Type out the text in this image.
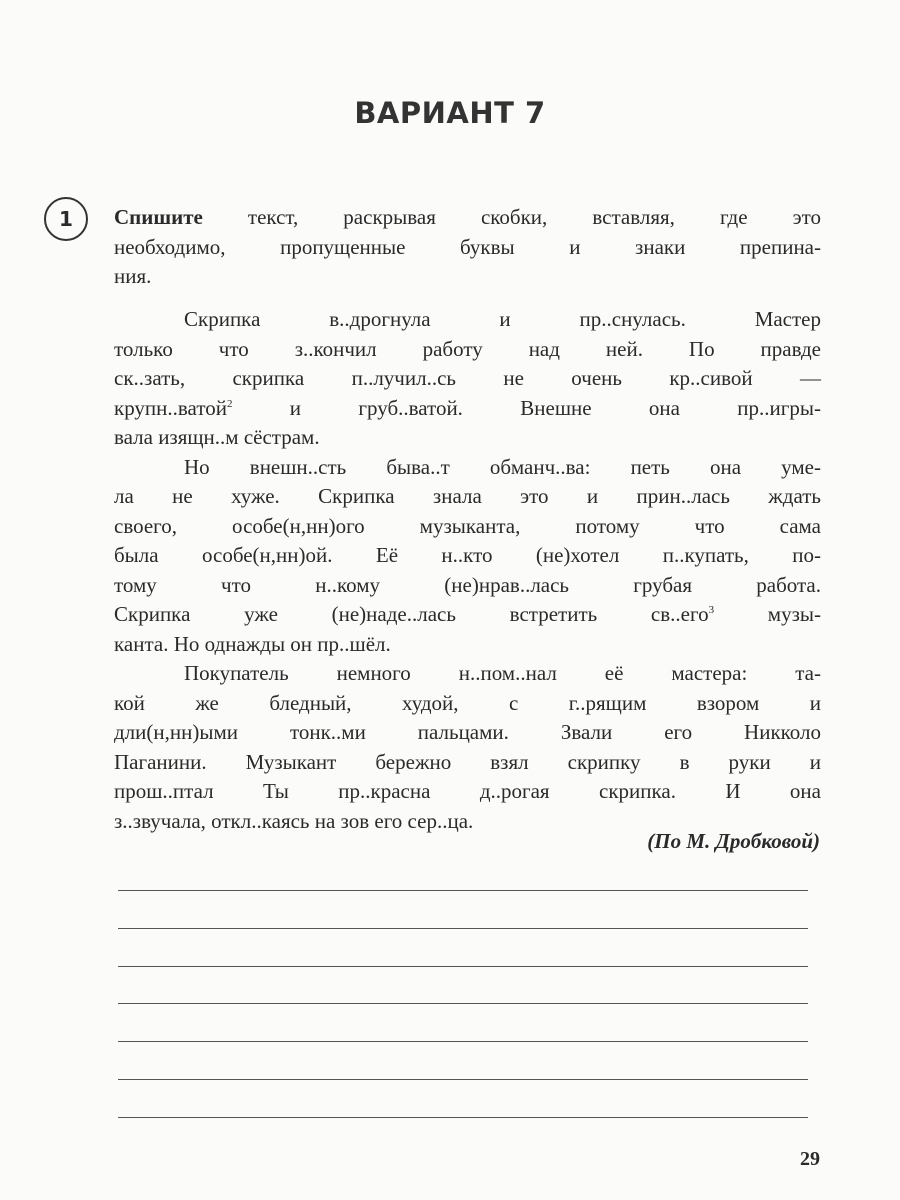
ВАРИАНТ 7
1	Спишите текст, раскрывая скобки, вставляя, где это
необходимо, пропущенные буквы и знаки препина-
ния.
Скрипка в..дрогнула и пр..снулась. Мастер
только что з..кончил работу над ней. По правде
ск..зать, скрипка п..лучил..сь не очень кр..сивой —
крупн..ватой$^2$ и груб..ватой. Внешне она пр..игры-
вала изящн..м сёстрам.
Но внешн..сть быва..т обманч..ва: петь она уме-
ла не хуже. Скрипка знала это и прин..лась ждать
своего, особе(н,нн)ого музыканта, потому что сама
была особе(н,нн)ой. Её н..кто (не)хотел п..купать, по-
тому что н..кому (не)нрав..лась грубая работа.
Скрипка уже (не)наде..лась встретить св..его$^3$ музы-
канта. Но однажды он пр..шёл.
Покупатель немного н..пом..нал её мастера: та-
кой же бледный, худой, с г..рящим взором и
дли(н,нн)ыми тонк..ми пальцами. Звали его Никколо
Паганини. Музыкант бережно взял скрипку в руки и
прош..птал Ты пр..красна д..рогая скрипка. И она
з..звучала, откл..каясь на зов его сер..ца.
(По М. Дробковой)
29
